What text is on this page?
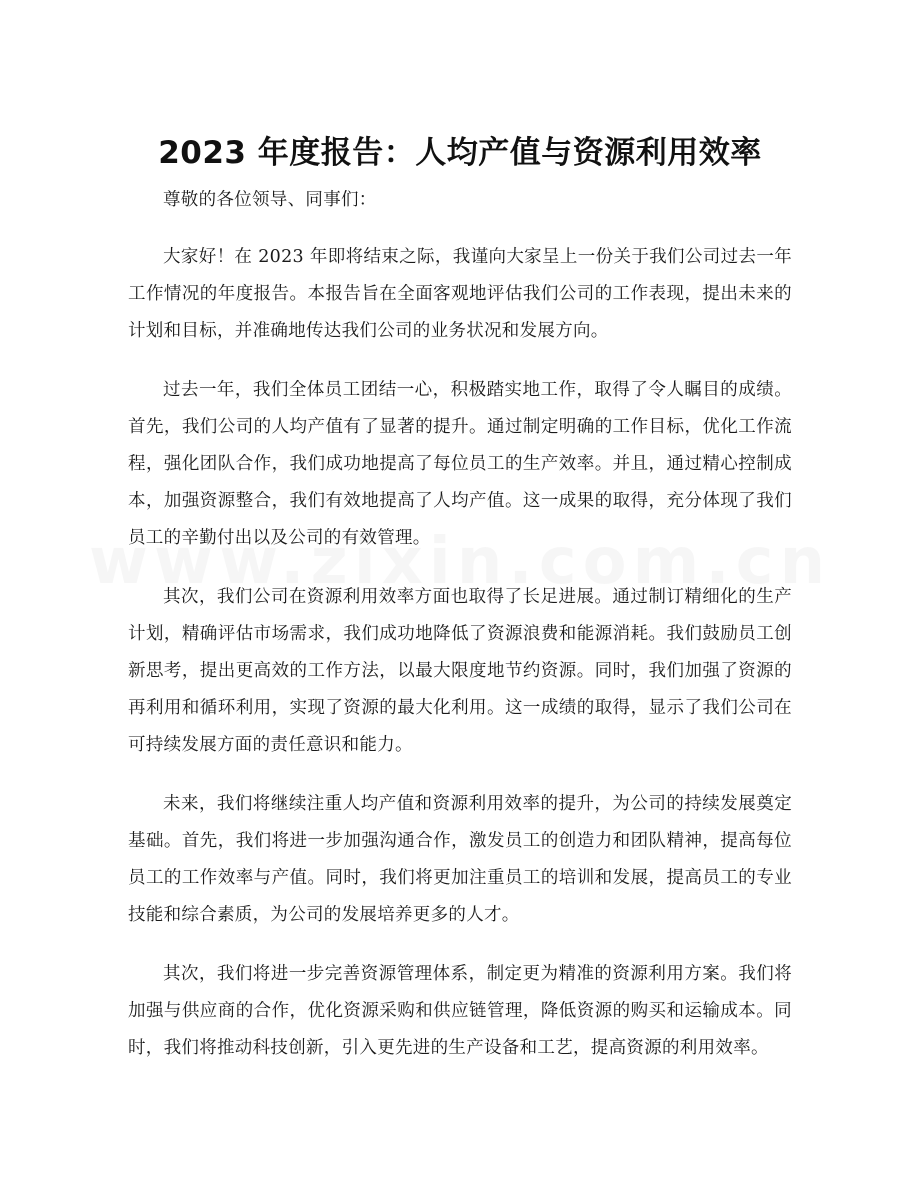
2023 年度报告：人均产值与资源利用效率

尊敬的各位领导、同事们：

大家好！在 2023 年即将结束之际，我谨向大家呈上一份关于我们公司过去一年工作情况的年度报告。本报告旨在全面客观地评估我们公司的工作表现，提出未来的计划和目标，并准确地传达我们公司的业务状况和发展方向。

过去一年，我们全体员工团结一心，积极踏实地工作，取得了令人瞩目的成绩。首先，我们公司的人均产值有了显著的提升。通过制定明确的工作目标，优化工作流程，强化团队合作，我们成功地提高了每位员工的生产效率。并且，通过精心控制成本，加强资源整合，我们有效地提高了人均产值。这一成果的取得，充分体现了我们员工的辛勤付出以及公司的有效管理。

其次，我们公司在资源利用效率方面也取得了长足进展。通过制订精细化的生产计划，精确评估市场需求，我们成功地降低了资源浪费和能源消耗。我们鼓励员工创新思考，提出更高效的工作方法，以最大限度地节约资源。同时，我们加强了资源的再利用和循环利用，实现了资源的最大化利用。这一成绩的取得，显示了我们公司在可持续发展方面的责任意识和能力。

未来，我们将继续注重人均产值和资源利用效率的提升，为公司的持续发展奠定基础。首先，我们将进一步加强沟通合作，激发员工的创造力和团队精神，提高每位员工的工作效率与产值。同时，我们将更加注重员工的培训和发展，提高员工的专业技能和综合素质，为公司的发展培养更多的人才。

其次，我们将进一步完善资源管理体系，制定更为精准的资源利用方案。我们将加强与供应商的合作，优化资源采购和供应链管理，降低资源的购买和运输成本。同时，我们将推动科技创新，引入更先进的生产设备和工艺，提高资源的利用效率。
